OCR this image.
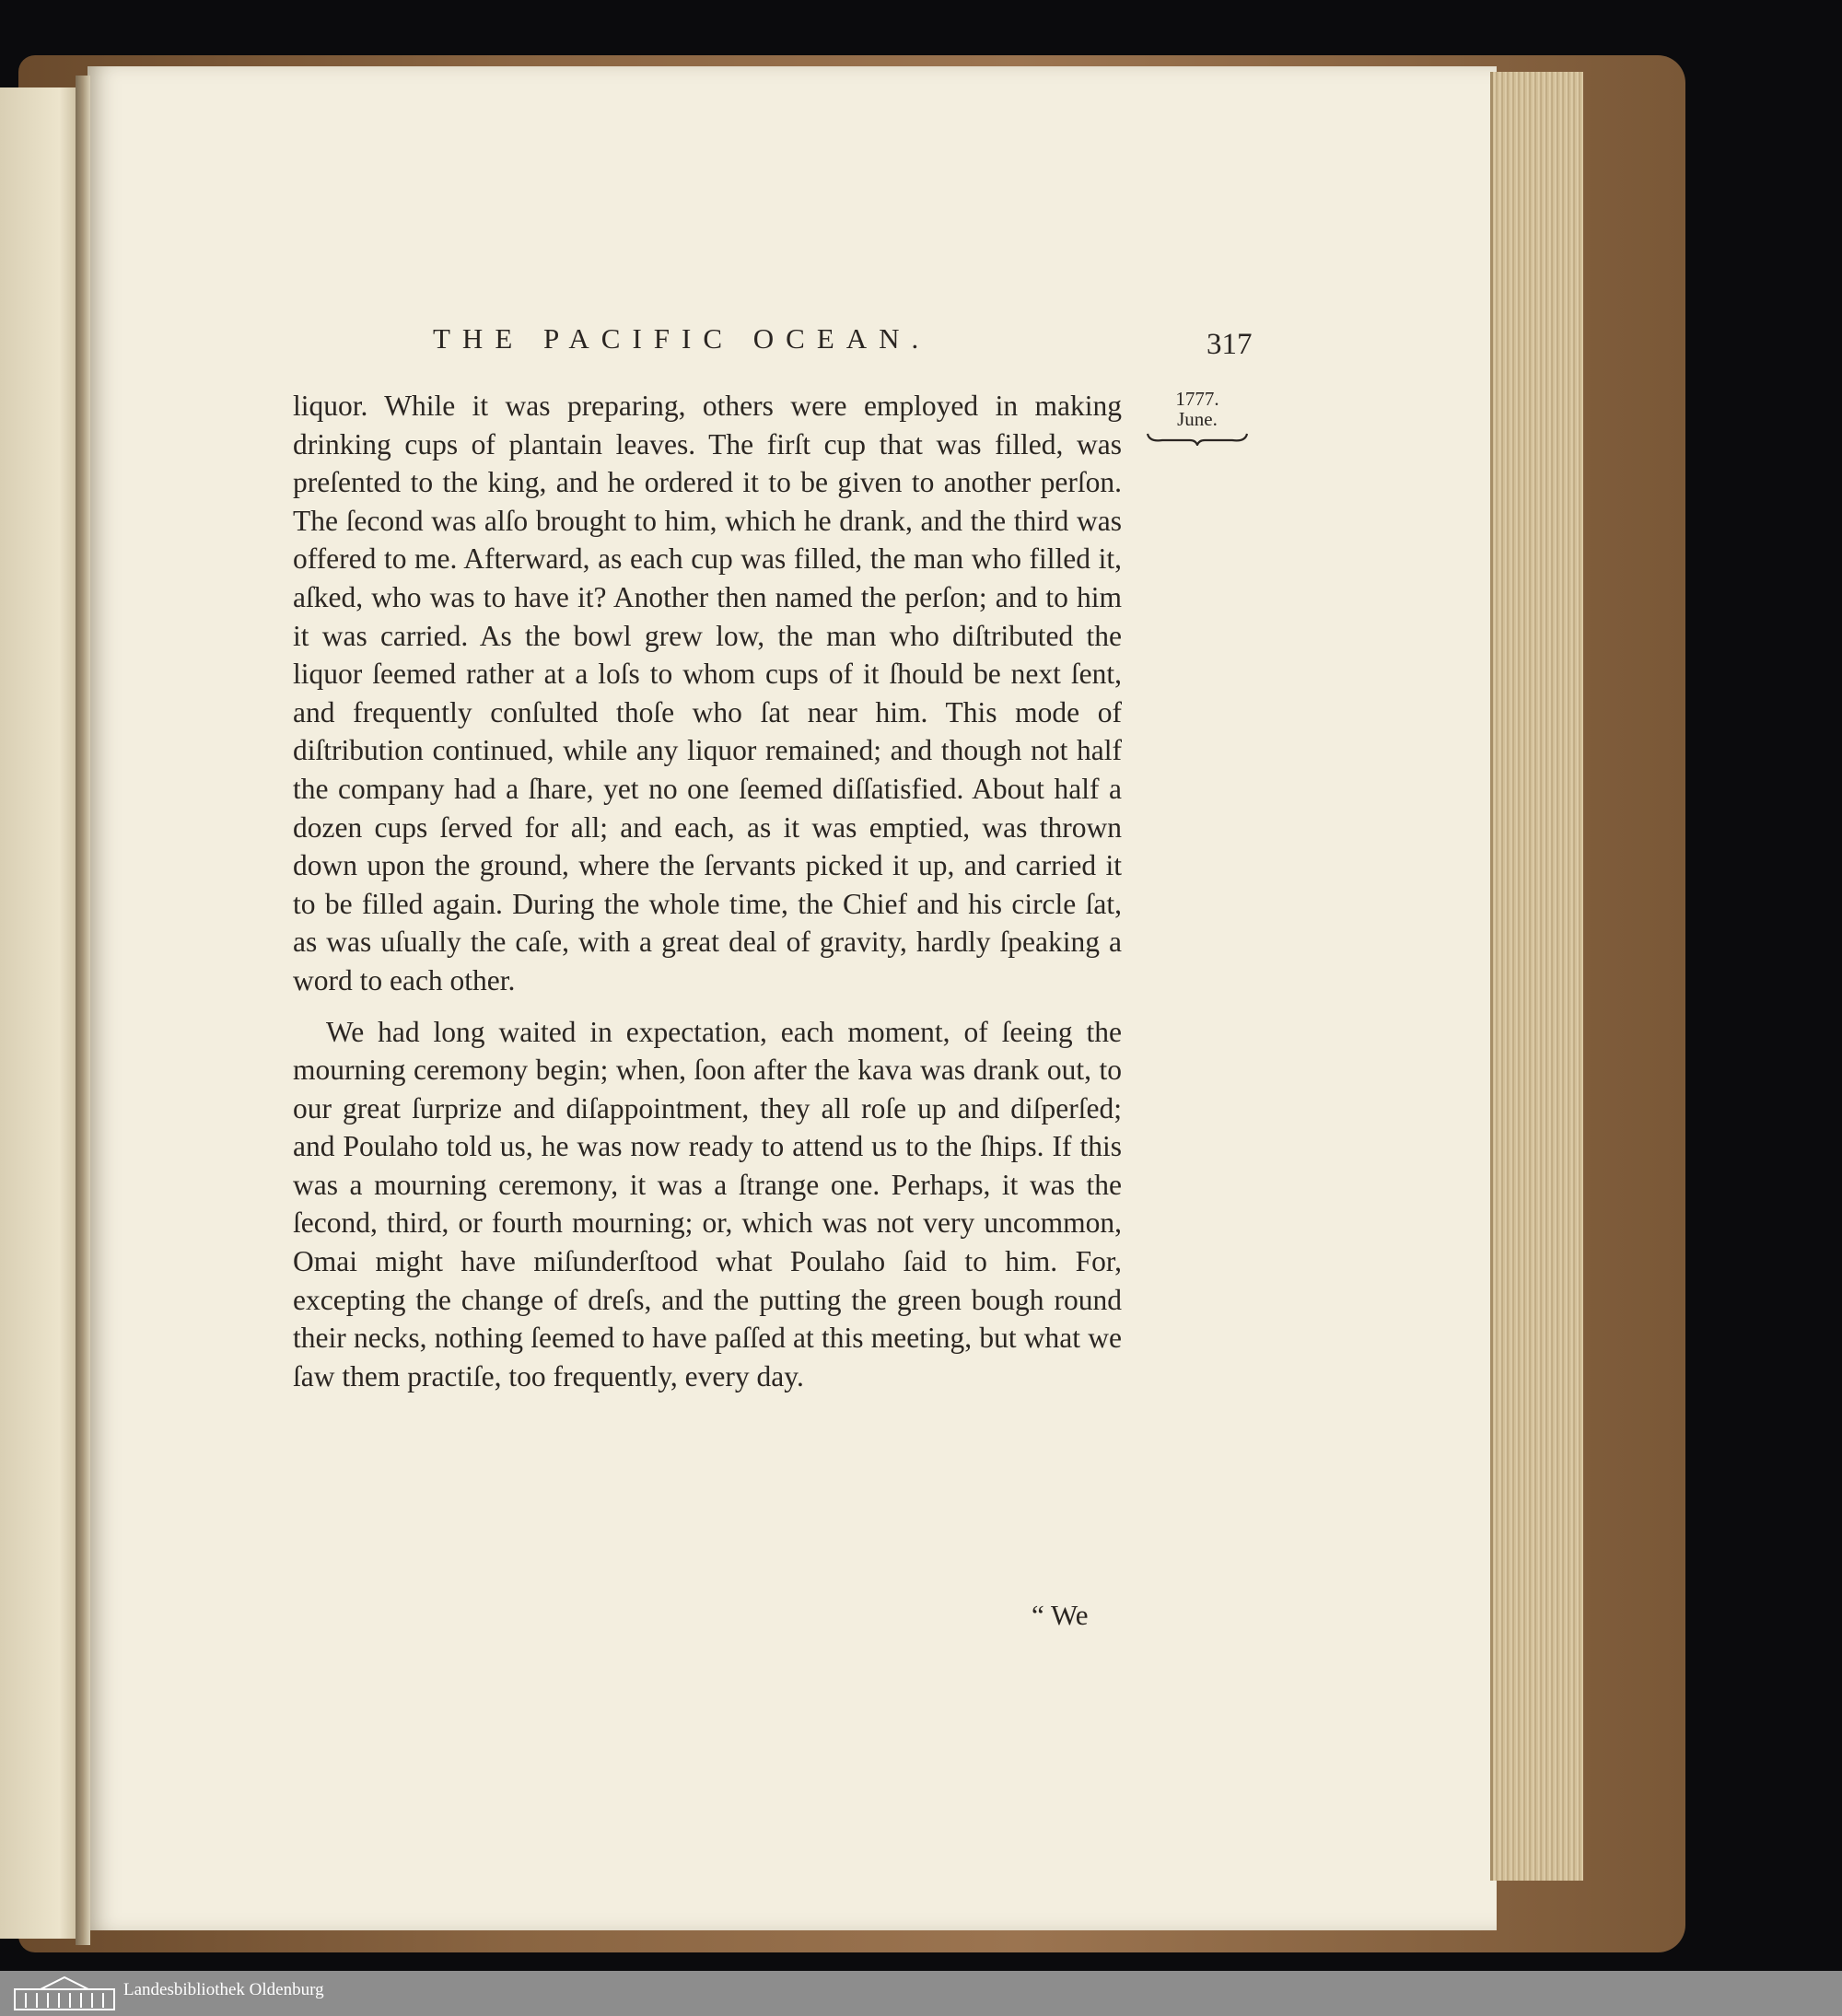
THE PACIFIC OCEAN.	317
1777.
June.

liquor. While it was preparing, others were employed in making drinking cups of plantain leaves. The firſt cup that was filled, was preſented to the king, and he ordered it to be given to another perſon. The ſecond was alſo brought to him, which he drank, and the third was offered to me. Afterward, as each cup was filled, the man who filled it, aſked, who was to have it? Another then named the perſon; and to him it was carried. As the bowl grew low, the man who diſtributed the liquor ſeemed rather at a loſs to whom cups of it ſhould be next ſent, and frequently conſulted thoſe who ſat near him. This mode of diſtribution continued, while any liquor remained; and though not half the company had a ſhare, yet no one ſeemed diſſatisfied. About half a dozen cups ſerved for all; and each, as it was emptied, was thrown down upon the ground, where the ſervants picked it up, and carried it to be filled again. During the whole time, the Chief and his circle ſat, as was uſually the caſe, with a great deal of gravity, hardly ſpeaking a word to each other.

We had long waited in expectation, each moment, of ſeeing the mourning ceremony begin; when, ſoon after the kava was drank out, to our great ſurprize and diſappointment, they all roſe up and diſperſed; and Poulaho told us, he was now ready to attend us to the ſhips. If this was a mourning ceremony, it was a ſtrange one. Perhaps, it was the ſecond, third, or fourth mourning; or, which was not very uncommon, Omai might have miſunderſtood what Poulaho ſaid to him. For, excepting the change of dreſs, and the putting the green bough round their necks, nothing ſeemed to have paſſed at this meeting, but what we ſaw them practiſe, too frequently, every day.

“ We
Landesbibliothek Oldenburg
